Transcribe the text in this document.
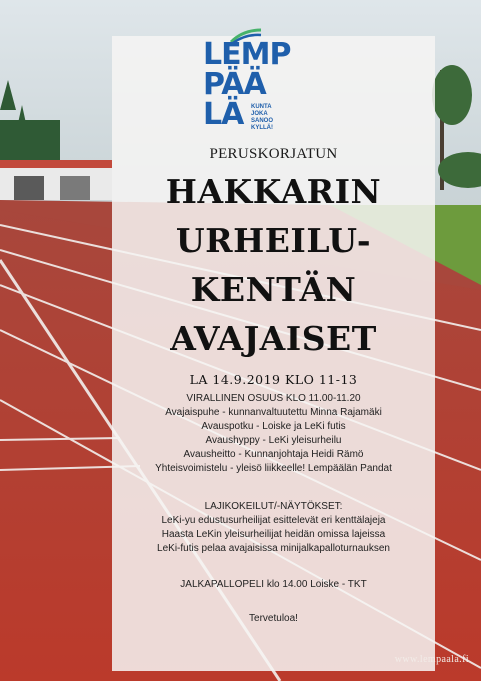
LEMP
PÄÄ
LÄ KUNTA
JOKA
SANOO
KYLLÄ!
PERUSKORJATUN
HAKKARIN
URHEILU-
KENTÄN
AVAJAISET
LA 14.9.2019 KLO 11-13
VIRALLINEN OSUUS KLO 11.00-11.20
Avajaispuhe - kunnanvaltuutettu Minna Rajamäki
Avauspotku - Loiske ja LeKi futis
Avaushyppy - LeKi yleisurheilu
Avausheitto - Kunnanjohtaja Heidi Rämö
Yhteisvoimistelu - yleisö liikkeelle! Lempäälän Pandat
LAJIKOKEILUT/-NÄYTÖKSET:
LeKi-yu edustusurheilijat esittelevät eri kenttälajeja
Haasta LeKin yleisurheilijat heidän omissa lajeissa
LeKi-futis pelaa avajaisissa minijalkapalloturnauksen
JALKAPALLOPELI klo 14.00 Loiske - TKT
Tervetuloa!
www.lempaala.fi
